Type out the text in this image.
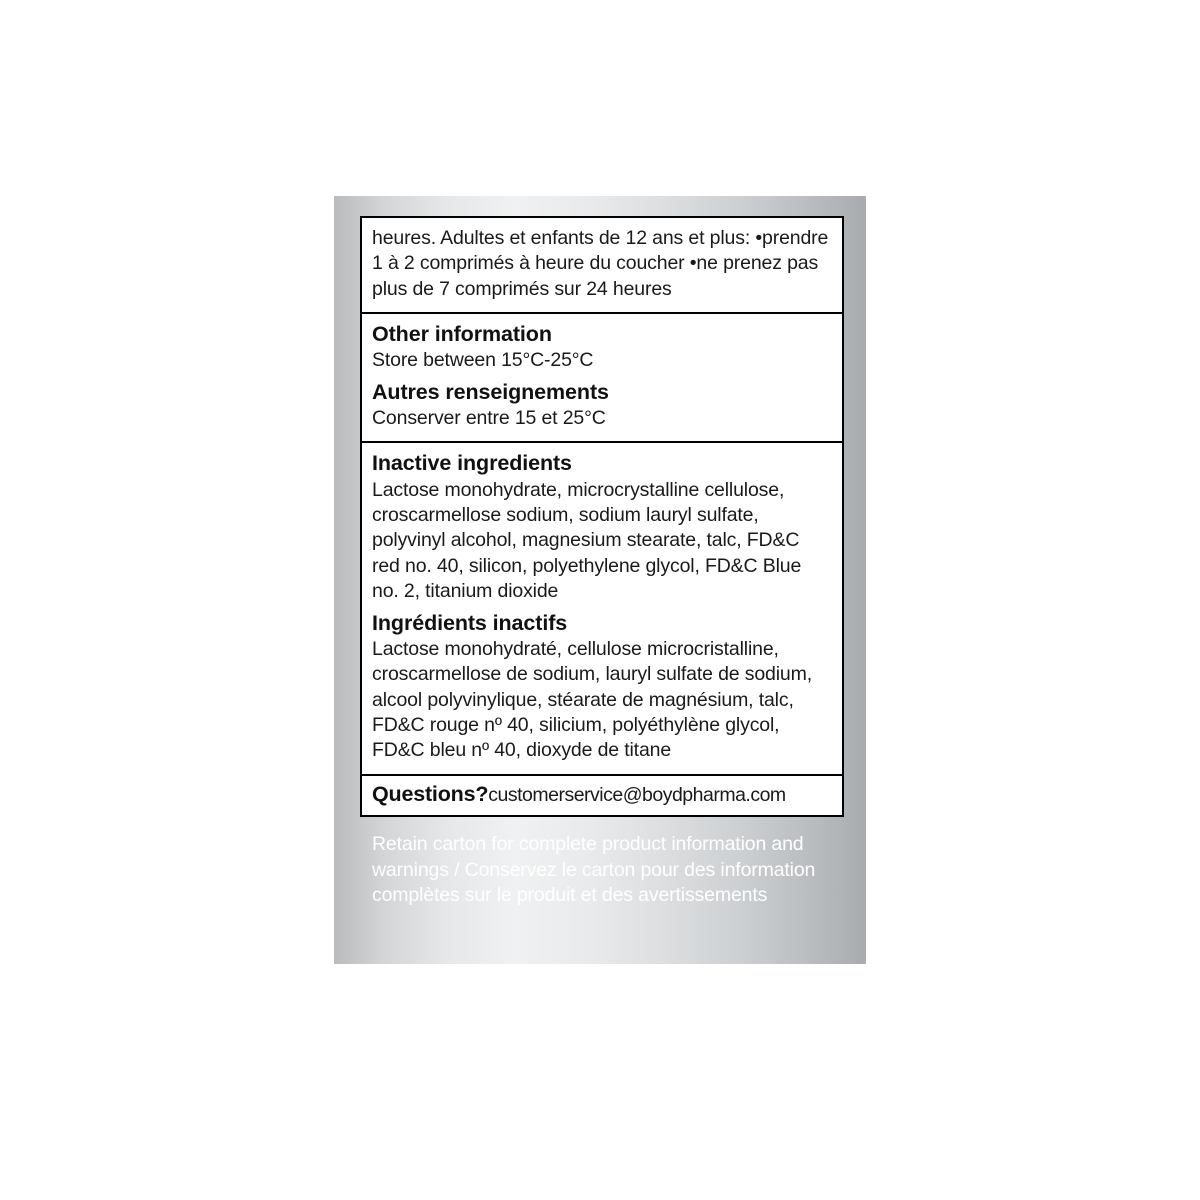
heures. Adultes et enfants de 12 ans et plus: •prendre 1 à 2 comprimés à heure du coucher •ne prenez pas plus de 7 comprimés sur 24 heures

Other information

Store between 15°C-25°C

Autres renseignements

Conserver entre 15 et 25°C

Inactive ingredients

Lactose monohydrate, microcrystalline cellulose, croscarmellose sodium, sodium lauryl sulfate, polyvinyl alcohol, magnesium stearate, talc, FD&C red no. 40, silicon, polyethylene glycol, FD&C Blue no. 2, titanium dioxide

Ingrédients inactifs

Lactose monohydraté, cellulose microcristalline, croscarmellose de sodium, lauryl sulfate de sodium, alcool polyvinylique, stéarate de magnésium, talc, FD&C rouge nº 40, silicium, polyéthylène glycol, FD&C bleu nº 40, dioxyde de titane

Questions? customerservice@boydpharma.com
Retain carton for complete product information and warnings / Conservez le carton pour des information complètes sur le produit et des avertissements
